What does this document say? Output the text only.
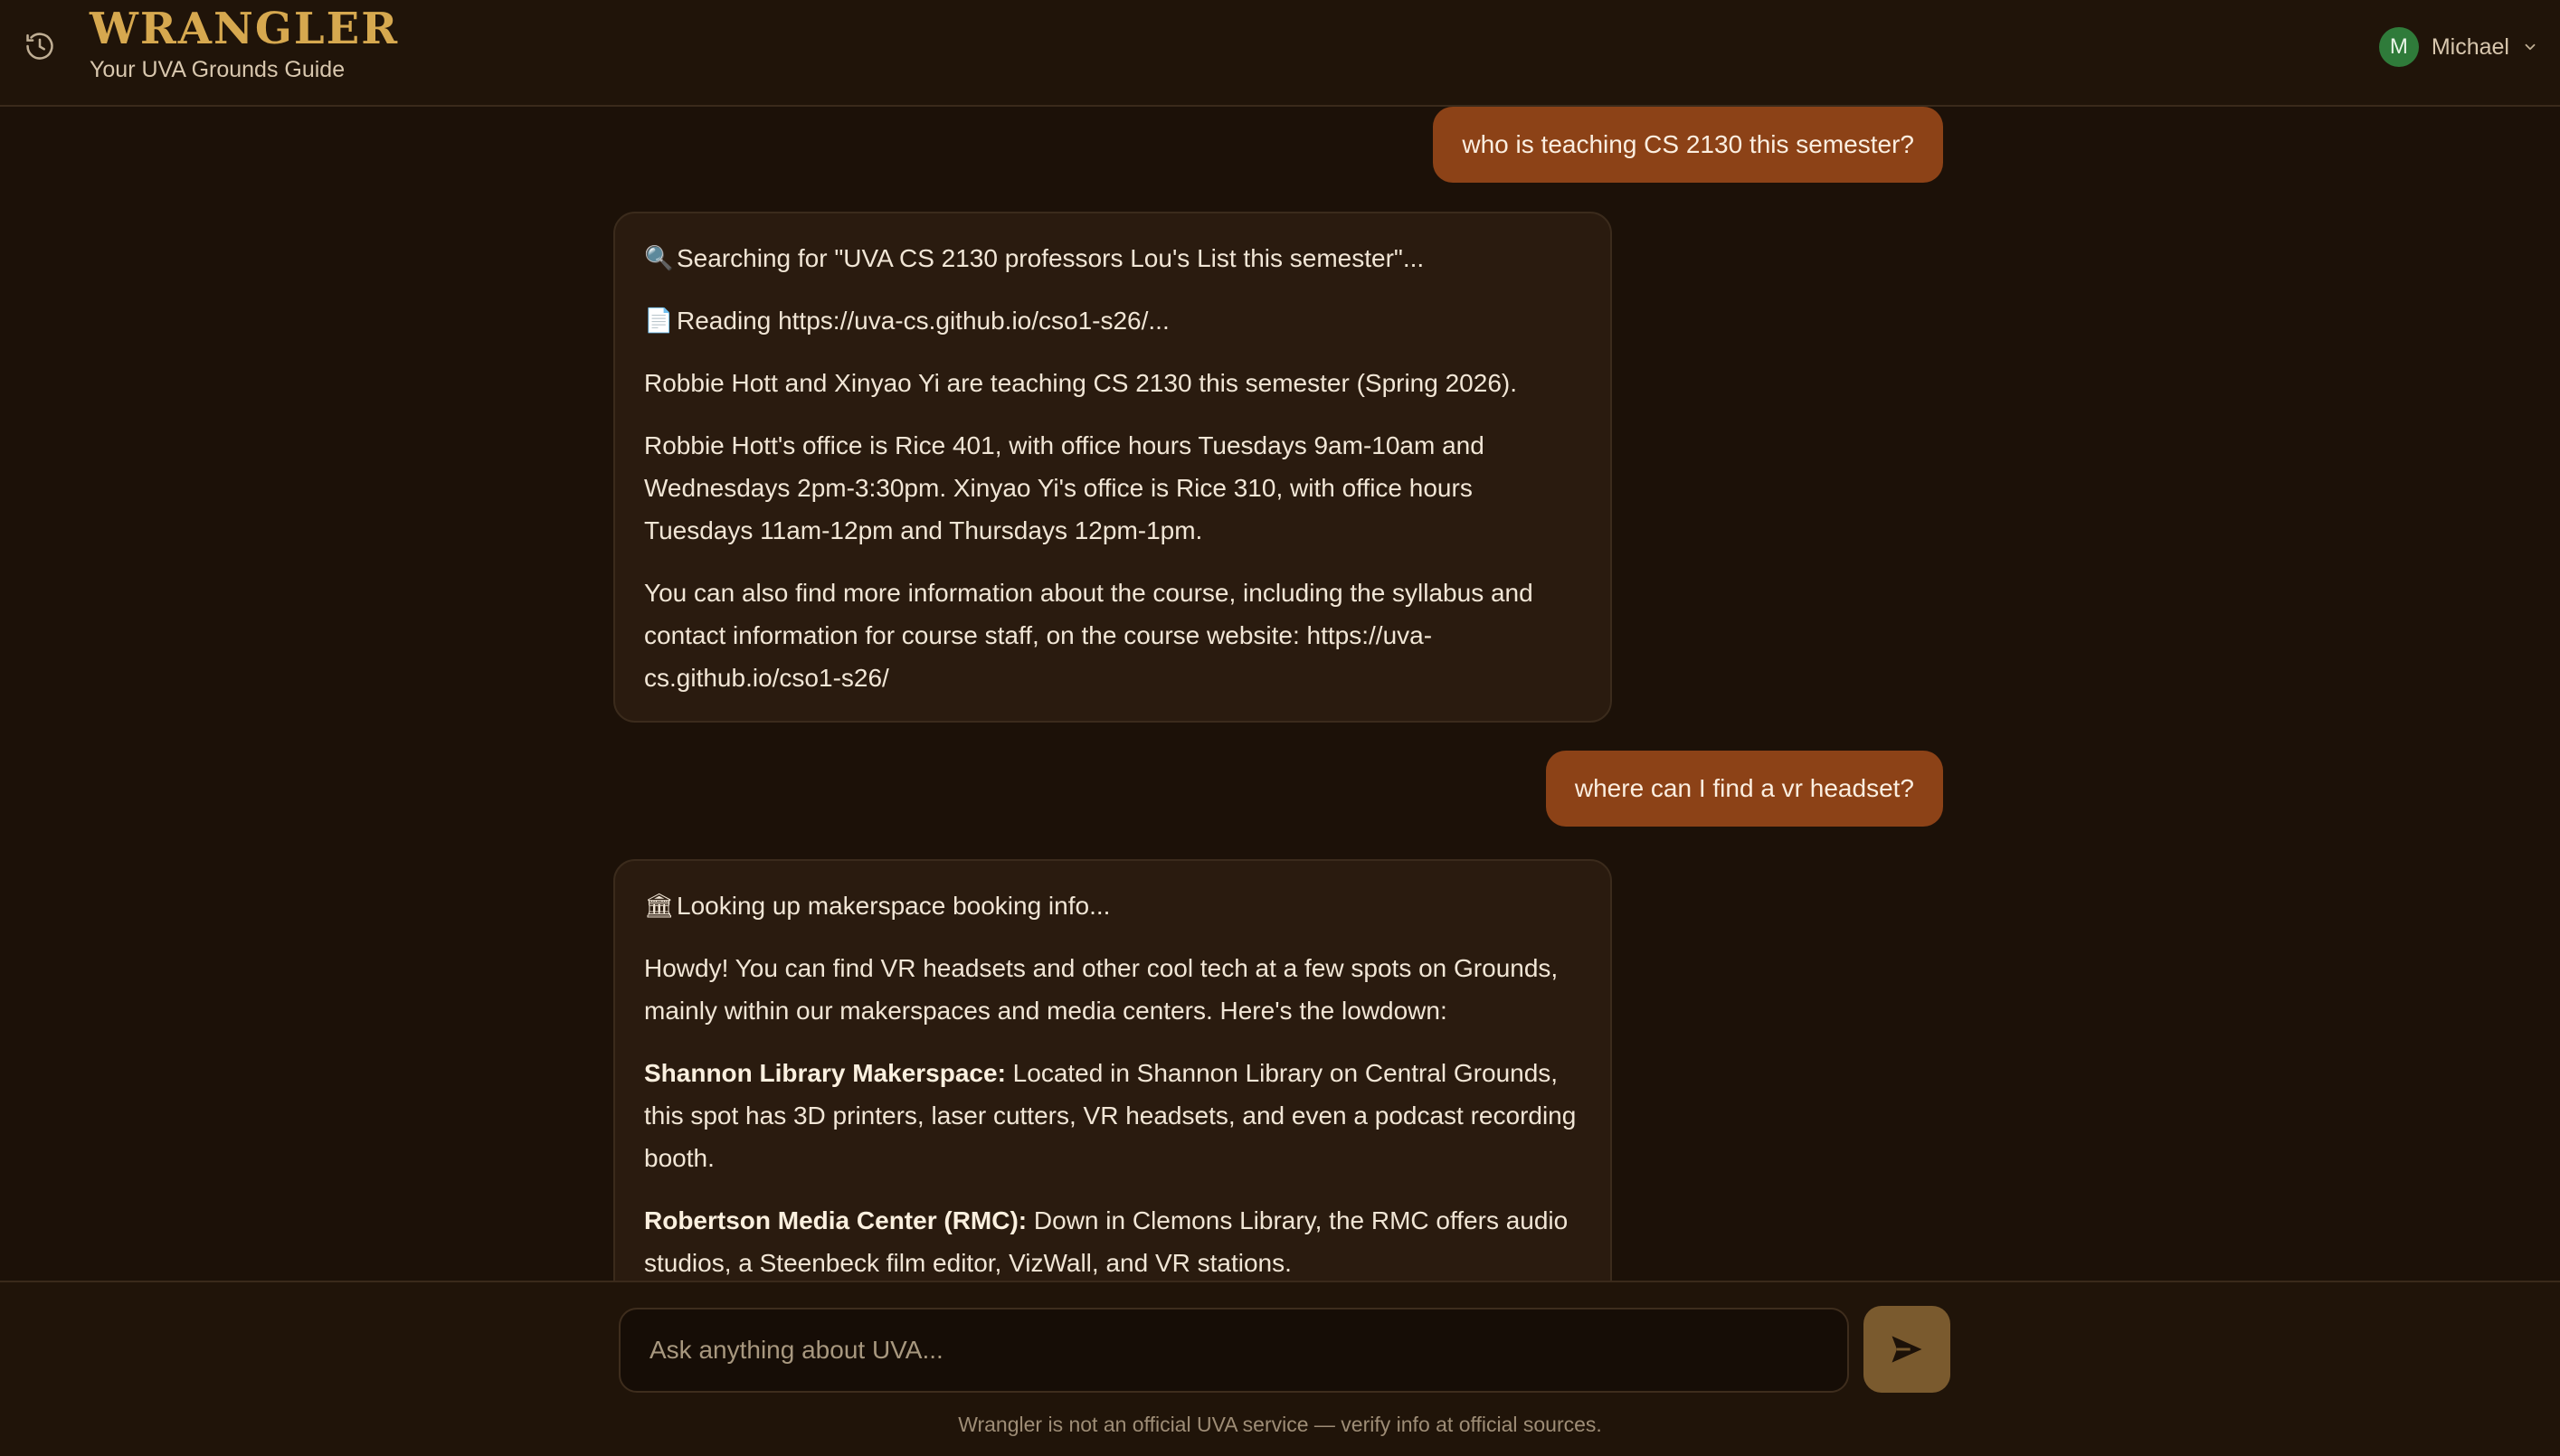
WRANGLER
Your UVA Grounds Guide
M	Michael
who is teaching CS 2130 this semester?

🔍 Searching for "UVA CS 2130 professors Lou's List this semester"...

📄 Reading https://uva-cs.github.io/cso1-s26/...

Robbie Hott and Xinyao Yi are teaching CS 2130 this semester (Spring 2026).

Robbie Hott's office is Rice 401, with office hours Tuesdays 9am-10am and Wednesdays 2pm-3:30pm. Xinyao Yi's office is Rice 310, with office hours Tuesdays 11am-12pm and Thursdays 12pm-1pm.

You can also find more information about the course, including the syllabus and contact information for course staff, on the course website: https://uva-cs.github.io/cso1-s26/

where can I find a vr headset?

🏛 Looking up makerspace booking info...

Howdy! You can find VR headsets and other cool tech at a few spots on Grounds, mainly within our makerspaces and media centers. Here's the lowdown:

Shannon Library Makerspace: Located in Shannon Library on Central Grounds, this spot has 3D printers, laser cutters, VR headsets, and even a podcast recording booth.

Robertson Media Center (RMC): Down in Clemons Library, the RMC offers audio studios, a Steenbeck film editor, VizWall, and VR stations.

Ask anything about UVA...
Wrangler is not an official UVA service — verify info at official sources.
